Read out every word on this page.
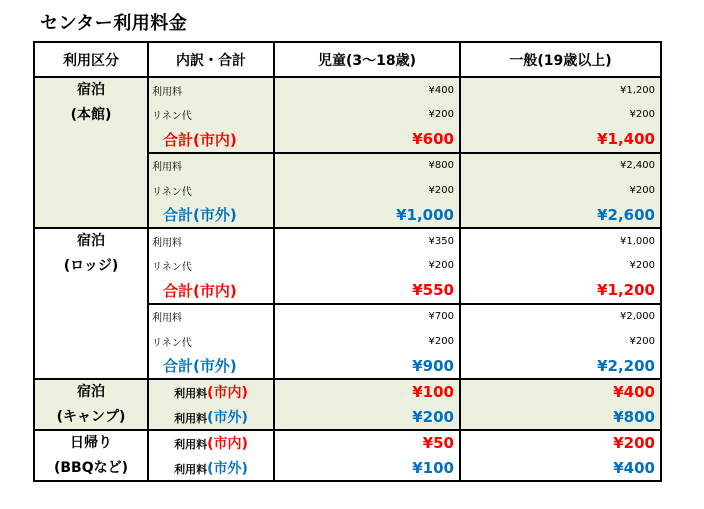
センター利用料金
利用区分	内訳・合計	児童(3～18歳)	一般(19歳以上)

宿泊
(本館)	利用料	¥400	¥1,200
	リネン代	¥200	¥200
	合計(市内)	¥600	¥1,400
	利用料	¥800	¥2,400
	リネン代	¥200	¥200
	合計(市外)	¥1,000	¥2,600

宿泊
(ロッジ)	利用料	¥350	¥1,000
	リネン代	¥200	¥200
	合計(市内)	¥550	¥1,200
	利用料	¥700	¥2,000
	リネン代	¥200	¥200
	合計(市外)	¥900	¥2,200

宿泊
(キャンプ)	利用料(市内)	¥100	¥400
	利用料(市外)	¥200	¥800

日帰り
(BBQなど)	利用料(市内)	¥50	¥200
	利用料(市外)	¥100	¥400
